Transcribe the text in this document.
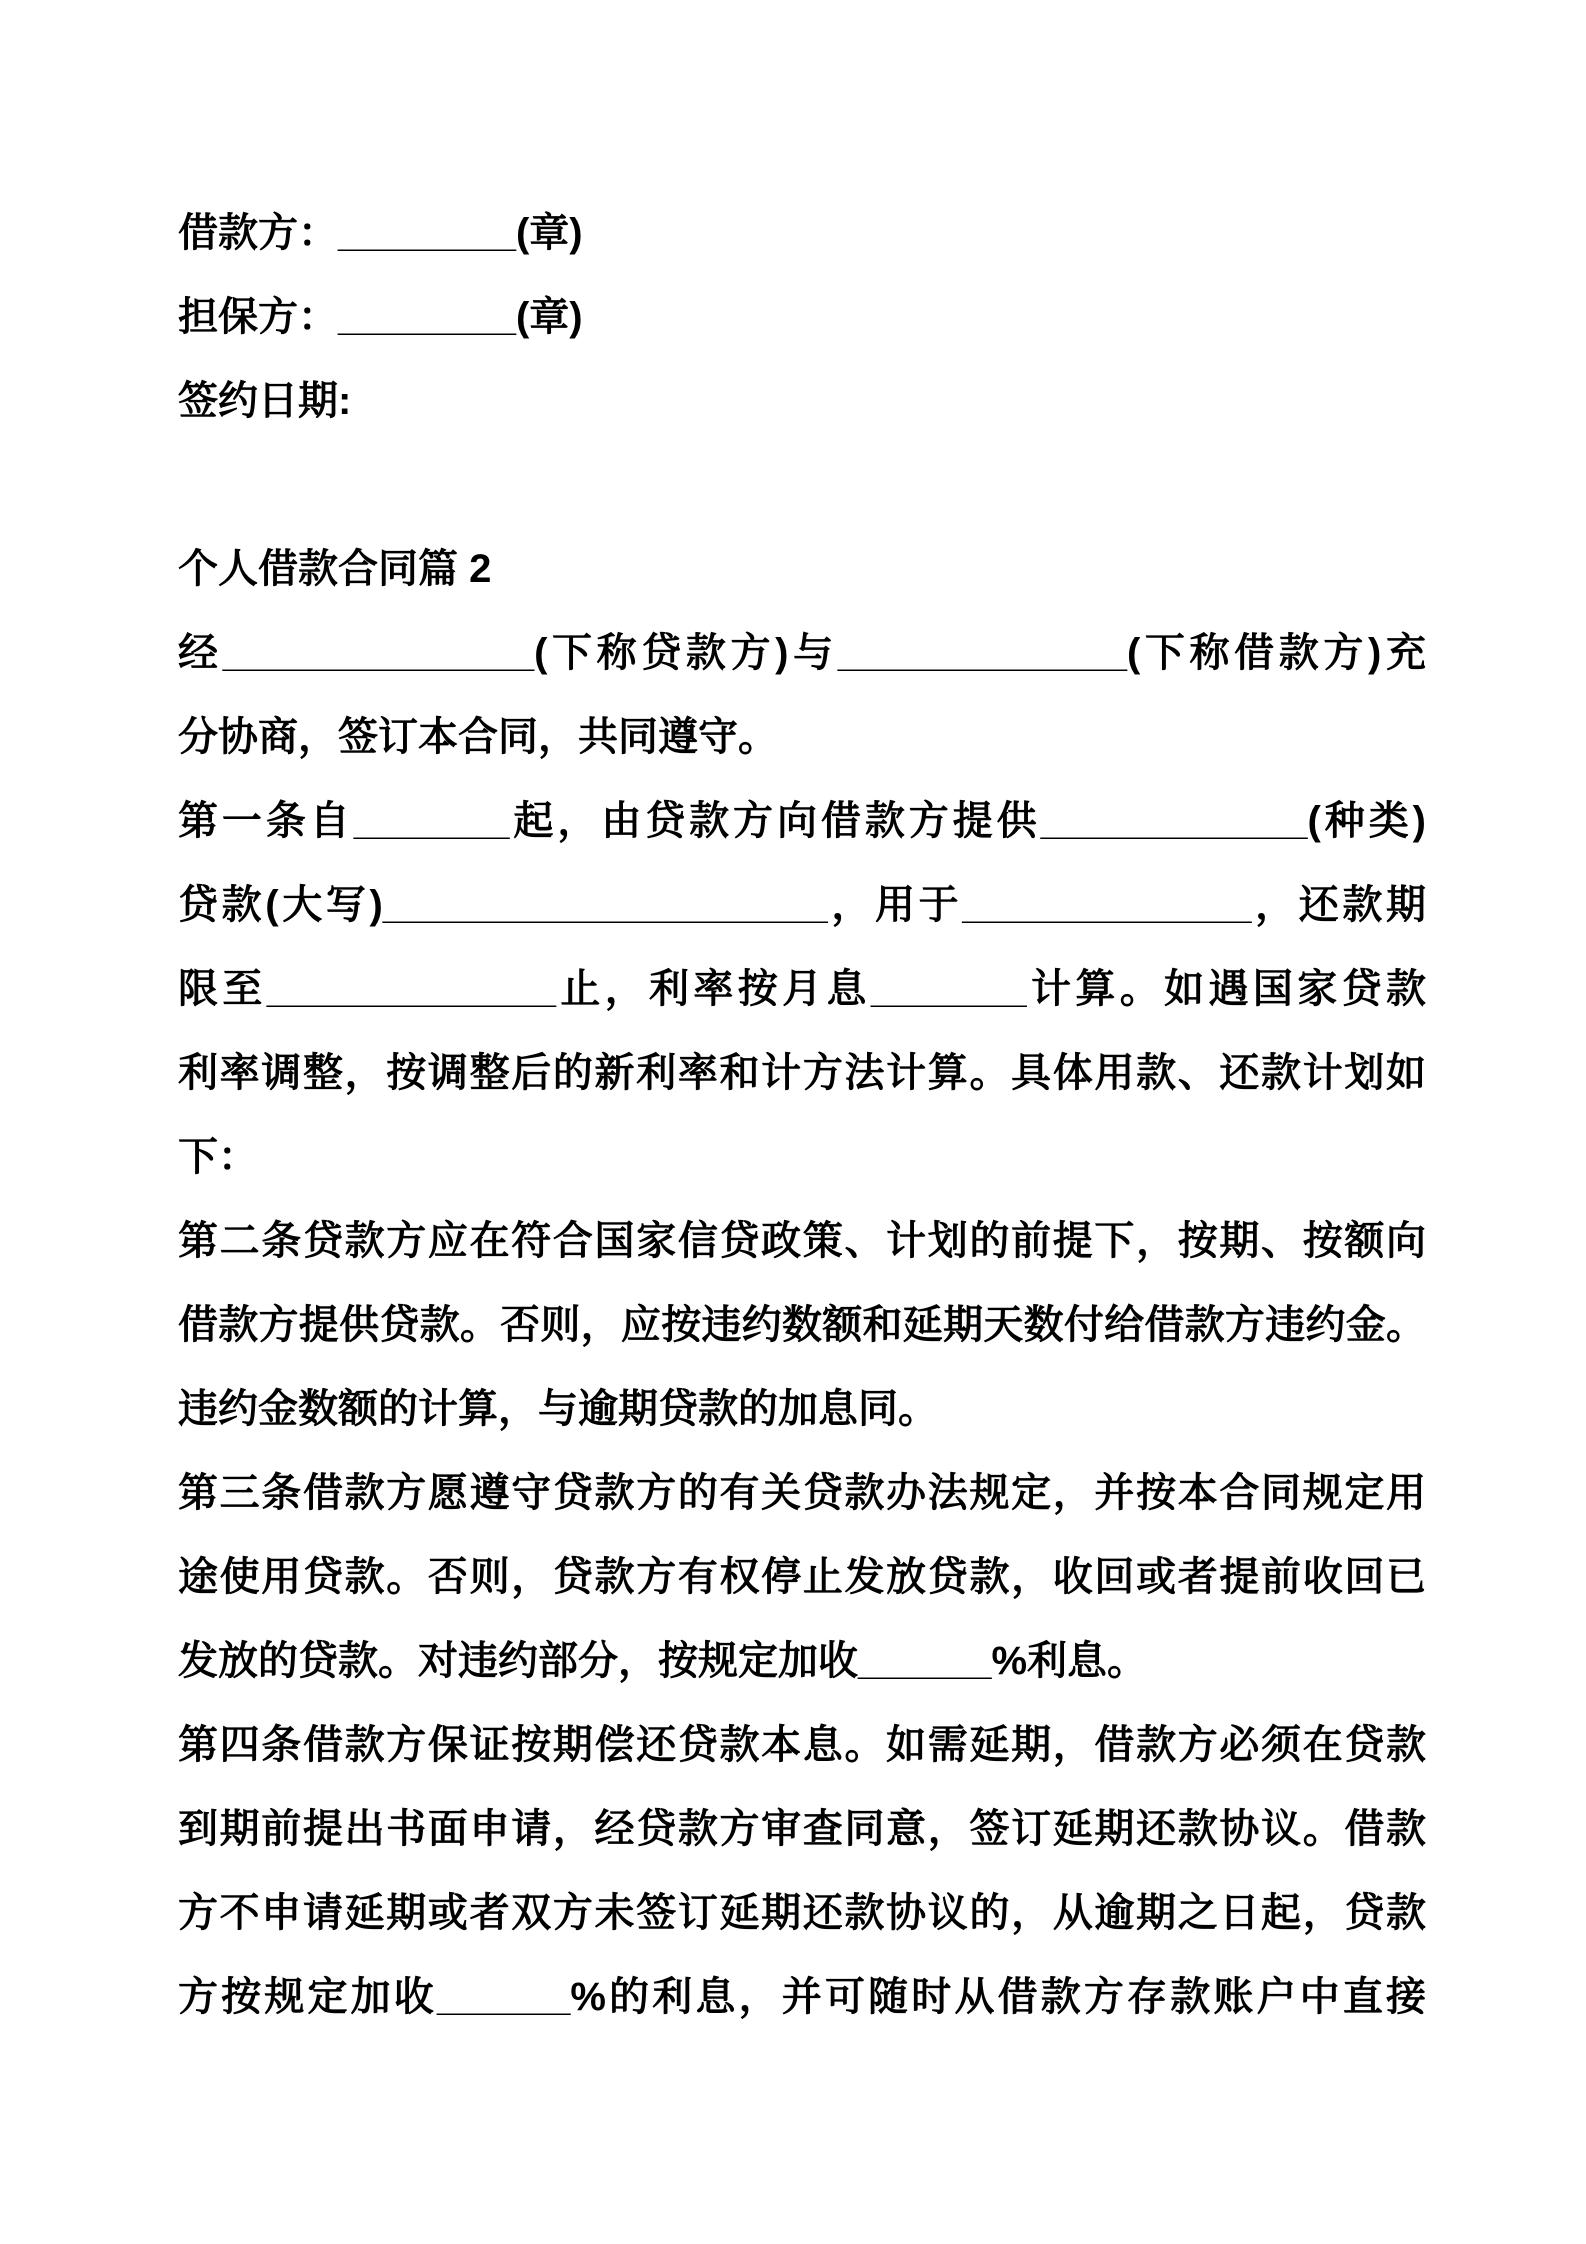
借款方：________(章)
担保方：________(章)
签约日期:
个人借款合同篇 2
经______________(下称贷款方)与_____________(下称借款方)充
分协商，签订本合同，共同遵守。
第一条自_______起，由贷款方向借款方提供____________(种类)
贷款(大写)____________________，用于_____________，还款期
限至_____________止，利率按月息_______计算。如遇国家贷款
利率调整，按调整后的新利率和计方法计算。具体用款、还款计划如
下：
第二条贷款方应在符合国家信贷政策、计划的前提下，按期、按额向
借款方提供贷款。否则，应按违约数额和延期天数付给借款方违约金。
违约金数额的计算，与逾期贷款的加息同。
第三条借款方愿遵守贷款方的有关贷款办法规定，并按本合同规定用
途使用贷款。否则，贷款方有权停止发放贷款，收回或者提前收回已
发放的贷款。对违约部分，按规定加收______%利息。
第四条借款方保证按期偿还贷款本息。如需延期，借款方必须在贷款
到期前提出书面申请，经贷款方审查同意，签订延期还款协议。借款
方不申请延期或者双方未签订延期还款协议的，从逾期之日起，贷款
方按规定加收______%的利息，并可随时从借款方存款账户中直接
